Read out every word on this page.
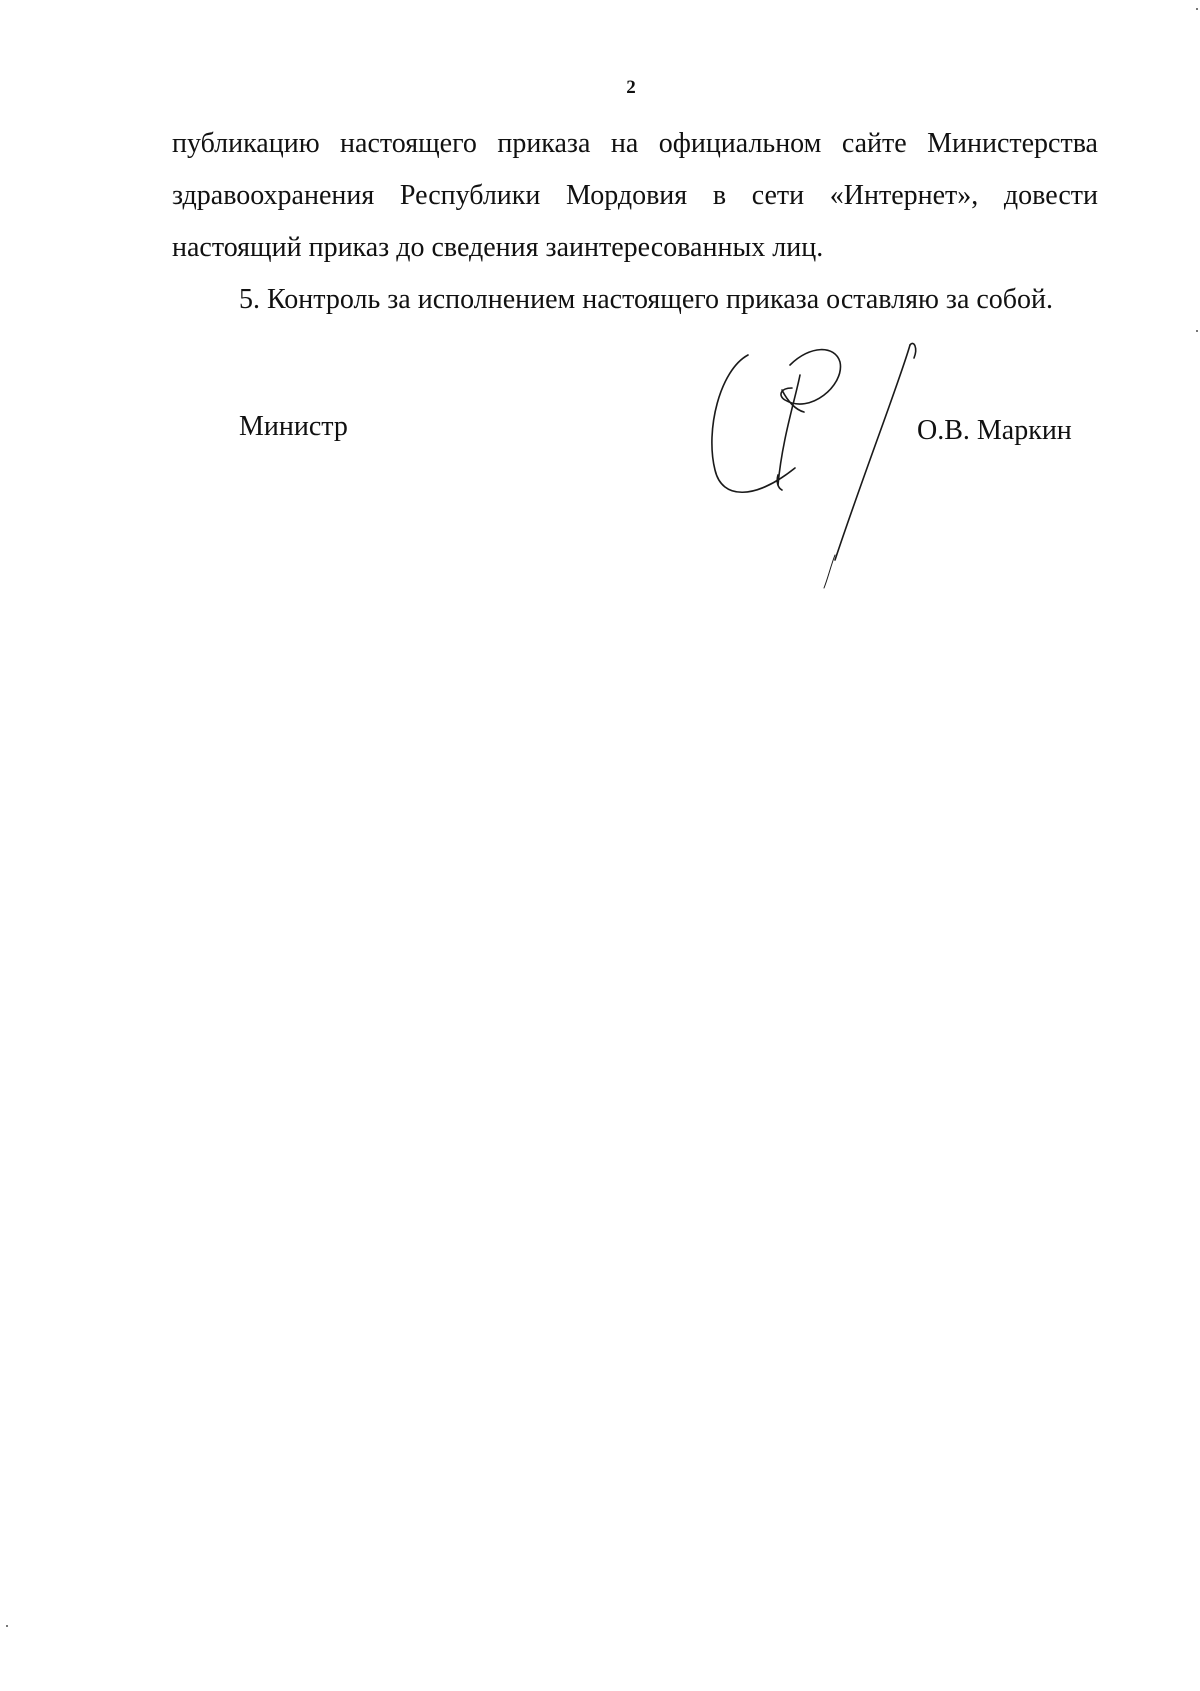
2

публикацию настоящего приказа на официальном сайте Министерства здравоохранения Республики Мордовия в сети «Интернет», довести настоящий приказ до сведения заинтересованных лиц.

5. Контроль за исполнением настоящего приказа оставляю за собой.

Министр	О.В. Маркин
